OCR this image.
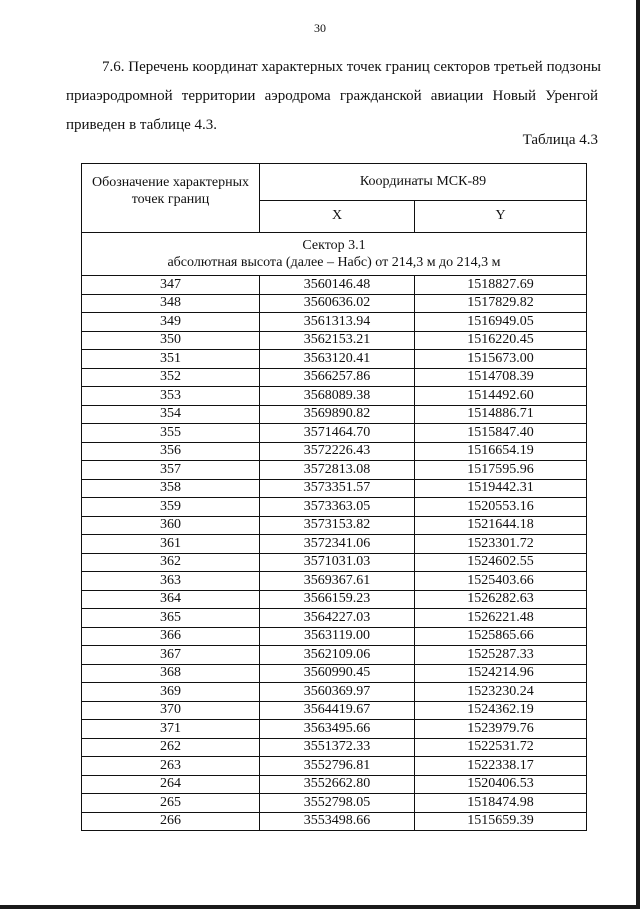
30
7.6. Перечень координат характерных точек границ секторов третьей подзоны
приаэродромной территории аэродрома гражданской авиации Новый Уренгой
приведен в таблице 4.3.
Таблица 4.3
Обозначение характерных точек границ	Координаты МСК-89	
	X	Y

Сектор 3.1
абсолютная высота (далее – Набс) от 214,3 м до 214,3 м		

347	3560146.48	1518827.69
348	3560636.02	1517829.82
349	3561313.94	1516949.05
350	3562153.21	1516220.45
351	3563120.41	1515673.00
352	3566257.86	1514708.39
353	3568089.38	1514492.60
354	3569890.82	1514886.71
355	3571464.70	1515847.40
356	3572226.43	1516654.19
357	3572813.08	1517595.96
358	3573351.57	1519442.31
359	3573363.05	1520553.16
360	3573153.82	1521644.18
361	3572341.06	1523301.72
362	3571031.03	1524602.55
363	3569367.61	1525403.66
364	3566159.23	1526282.63
365	3564227.03	1526221.48
366	3563119.00	1525865.66
367	3562109.06	1525287.33
368	3560990.45	1524214.96
369	3560369.97	1523230.24
370	3564419.67	1524362.19
371	3563495.66	1523979.76
262	3551372.33	1522531.72
263	3552796.81	1522338.17
264	3552662.80	1520406.53
265	3552798.05	1518474.98
266	3553498.66	1515659.39
